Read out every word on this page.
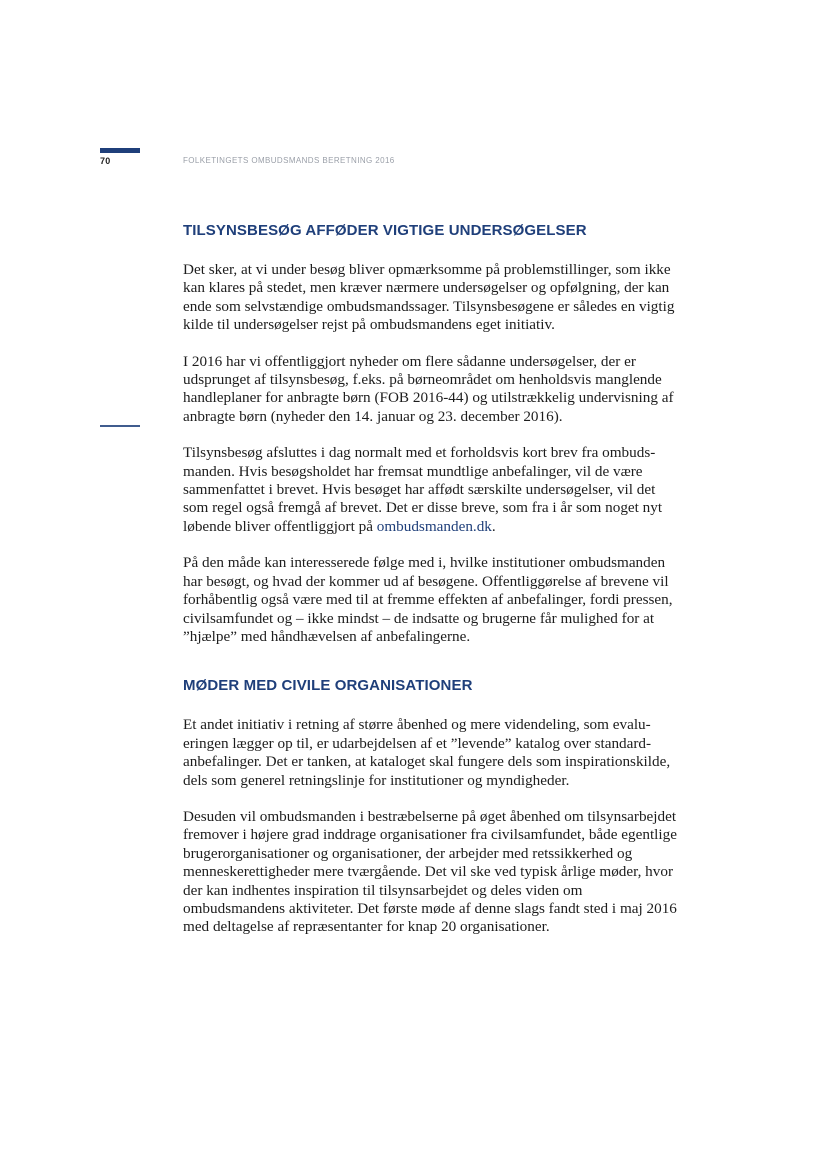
70	FOLKETINGETS OMBUDSMANDS BERETNING 2016
TILSYNSBESØG AFFØDER VIGTIGE UNDERSØGELSER

Det sker, at vi under besøg bliver opmærksomme på problemstillinger, som ikke kan klares på stedet, men kræver nærmere undersøgelser og opfølgning, der kan ende som selvstændige ombudsmandssager. Tilsynsbesøgene er således en vigtig kilde til undersøgelser rejst på ombudsmandens eget initiativ.

I 2016 har vi offentliggjort nyheder om flere sådanne undersøgelser, der er udsprunget af tilsynsbesøg, f.eks. på børneområdet om henholdsvis manglende handleplaner for anbragte børn (FOB 2016-44) og utilstrækkelig undervisning af anbragte børn (nyheder den 14. januar og 23. december 2016).

Tilsynsbesøg afsluttes i dag normalt med et forholdsvis kort brev fra ombudsmanden. Hvis besøgsholdet har fremsat mundtlige anbefalinger, vil de være sammenfattet i brevet. Hvis besøget har affødt særskilte undersøgelser, vil det som regel også fremgå af brevet. Det er disse breve, som fra i år som noget nyt løbende bliver offentliggjort på ombudsmanden.dk.

På den måde kan interesserede følge med i, hvilke institutioner ombudsmanden har besøgt, og hvad der kommer ud af besøgene. Offentliggørelse af brevene vil forhåbentlig også være med til at fremme effekten af anbefalinger, fordi pressen, civilsamfundet og – ikke mindst – de indsatte og brugerne får mulighed for at ”hjælpe” med håndhævelsen af anbefalingerne.

MØDER MED CIVILE ORGANISATIONER

Et andet initiativ i retning af større åbenhed og mere videndeling, som evalueringen lægger op til, er udarbejdelsen af et ”levende” katalog over standardanbefalinger. Det er tanken, at kataloget skal fungere dels som inspirationskilde, dels som generel retningslinje for institutioner og myndigheder.

Desuden vil ombudsmanden i bestræbelserne på øget åbenhed om tilsynsarbejdet fremover i højere grad inddrage organisationer fra civilsamfundet, både egentlige brugerorganisationer og organisationer, der arbejder med retssikkerhed og menneskerettigheder mere tværgående. Det vil ske ved typisk årlige møder, hvor der kan indhentes inspiration til tilsynsarbejdet og deles viden om ombudsmandens aktiviteter. Det første møde af denne slags fandt sted i maj 2016 med deltagelse af repræsentanter for knap 20 organisationer.
